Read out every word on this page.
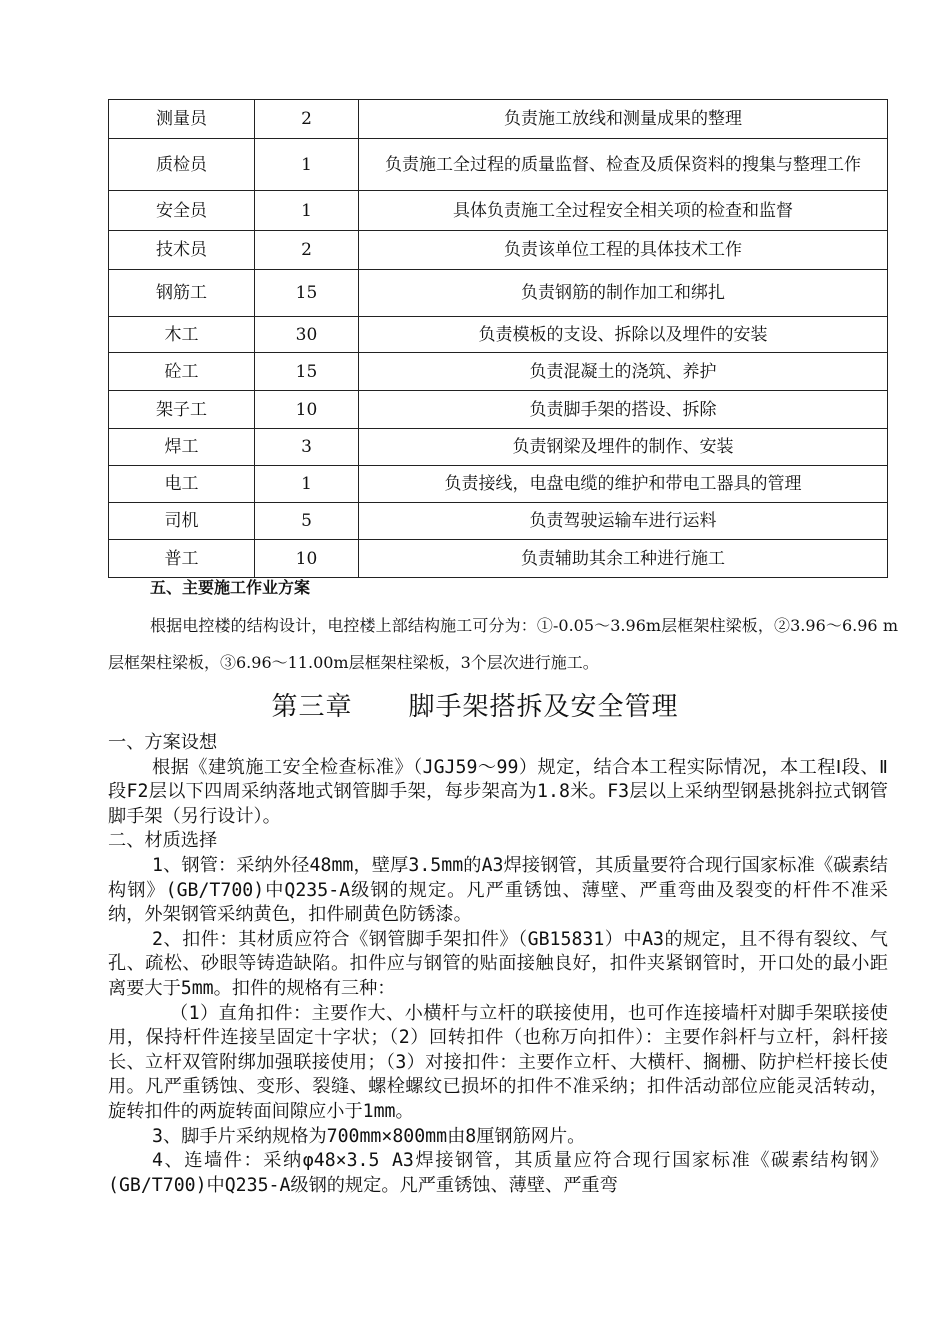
测量员	2	负责施工放线和测量成果的整理
质检员	1	负责施工全过程的质量监督、检查及质保资料的搜集与整理工作
安全员	1	具体负责施工全过程安全相关项的检查和监督
技术员	2	负责该单位工程的具体技术工作
钢筋工	15	负责钢筋的制作加工和绑扎
木工	30	负责模板的支设、拆除以及埋件的安装
砼工	15	负责混凝土的浇筑、养护
架子工	10	负责脚手架的搭设、拆除
焊工	3	负责钢梁及埋件的制作、安装
电工	1	负责接线，电盘电缆的维护和带电工器具的管理
司机	5	负责驾驶运输车进行运料
普工	10	负责辅助其余工种进行施工
五、主要施工作业方案

根据电控楼的结构设计，电控楼上部结构施工可分为：①-0.05～3.96m层框架柱梁板，②3.96～6.96 m层框架柱梁板，③6.96～11.00m层框架柱梁板，3个层次进行施工。

第三章 脚手架搭拆及安全管理

一、方案设想

根据《建筑施工安全检查标准》（JGJ59～99）规定，结合本工程实际情况，本工程Ⅰ段、Ⅱ段F2层以下四周采纳落地式钢管脚手架，每步架高为1.8米。F3层以上采纳型钢悬挑斜拉式钢管脚手架（另行设计）。

二、材质选择

1、钢管：采纳外径48mm，壁厚3.5mm的A3焊接钢管，其质量要符合现行国家标准《碳素结构钢》(GB/T700)中Q235-A级钢的规定。凡严重锈蚀、薄壁、严重弯曲及裂变的杆件不准采纳，外架钢管采纳黄色，扣件刷黄色防锈漆。

2、扣件：其材质应符合《钢管脚手架扣件》（GB15831）中A3的规定，且不得有裂纹、气孔、疏松、砂眼等铸造缺陷。扣件应与钢管的贴面接触良好，扣件夹紧钢管时，开口处的最小距离要大于5mm。扣件的规格有三种：

（1）直角扣件：主要作大、小横杆与立杆的联接使用，也可作连接墙杆对脚手架联接使用，保持杆件连接呈固定十字状；（2）回转扣件（也称万向扣件）：主要作斜杆与立杆，斜杆接长、立杆双管附绑加强联接使用；（3）对接扣件：主要作立杆、大横杆、搁栅、防护栏杆接长使用。凡严重锈蚀、变形、裂缝、螺栓螺纹已损坏的扣件不准采纳；扣件活动部位应能灵活转动，旋转扣件的两旋转面间隙应小于1mm。

3、脚手片采纳规格为700mm×800mm由8厘钢筋网片。

4、连墙件：采纳φ48×3.5 A3焊接钢管，其质量应符合现行国家标准《碳素结构钢》(GB/T700)中Q235-A级钢的规定。凡严重锈蚀、薄壁、严重弯
